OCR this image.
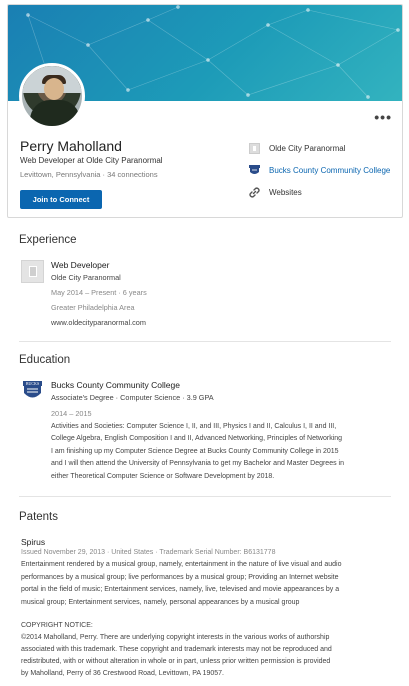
•••
Perry Maholland
Web Developer at Olde City Paranormal
Levittown, Pennsylvania · 34 connections
Join to Connect
Olde City Paranormal
Bucks County Community College
Websites
Experience
Web Developer
Olde City Paranormal
May 2014 – Present · 6 years
Greater Philadelphia Area
www.oldecityparanormal.com
Education
BUCKS Bucks County Community College
Associate's Degree · Computer Science · 3.9 GPA
2014 – 2015
Activities and Societies: Computer Science I, II, and III, Physics I and II, Calculus I, II and III,
College Algebra, English Composition I and II, Advanced Networking, Principles of Networking
I am finishing up my Computer Science Degree at Bucks County Community College in 2015
and I will then attend the University of Pennsylvania to get my Bachelor and Master Degrees in
either Theoretical Computer Science or Software Development by 2018.
Patents
Spirus
Issued November 29, 2013 · United States · Trademark Serial Number: B6131778
Entertainment rendered by a musical group, namely, entertainment in the nature of live visual and audio
performances by a musical group; live performances by a musical group; Providing an Internet website
portal in the field of music; Entertainment services, namely, live, televised and movie appearances by a
musical group; Entertainment services, namely, personal appearances by a musical group
COPYRIGHT NOTICE:
©2014 Maholland, Perry. There are underlying copyright interests in the various works of authorship
associated with this trademark. These copyright and trademark interests may not be reproduced and
redistributed, with or without alteration in whole or in part, unless prior written permission is provided
by Maholland, Perry of 36 Crestwood Road, Levittown, PA 19057.
